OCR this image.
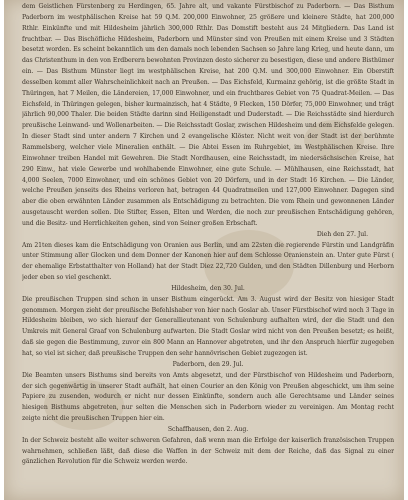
dem Geistlichen Fürstenberg zu Herdingen, 65. Jahre alt, und vakante Fürstbischof zu Paderborn. — Das Bisthum Paderborn im westphälischen Kreise hat 59 Q.M. 200,000 Einwohner, 25 größere und kleinere Städte, hat 200,000 Rthlr. Einkünfte und mit Hildesheim jährlich 300,000 Rthlr. Das Domstift besteht aus 24 Mitgliedern. Das Land ist fruchtbar. — Das Bischöfliche Hildesheim, Paderborn und Münster sind von Preußen mit einem Kreise und 3 Städten besetzt worden. Es scheint bekanntlich um den damals noch lebenden Sachsen so Jahre lang Krieg, und heute dann, um das Christenthum in den von Erdberern bewohnten Provinzen desto sicherer zu besestigen, diese und andere Bisthümer ein. — Das Bisthum Münster liegt im westphälischen Kreise, hat 200 Q.M. und 300,000 Einwohner. Ein Oberstift desselben kommt aller Wahrscheinlichkeit nach an Preußen. — Das Eichsfeld, Kurmainz gehörig, ist die größte Stadt in Thüringen, hat 7 Meilen, die Ländereien, 17,000 Einwohner, und ein fruchtbares Gebiet von 75 Quadrat-Meilen. — Das Eichsfeld, in Thüringen gelegen, bisher kurmainzisch, hat 4 Städte, 9 Flecken, 150 Dörfer, 75,000 Einwohner, und trägt jährlich 90,000 Thaler. Die beiden Städte darinn sind Heiligenstadt und Duderstadt. — Die Reichsstädte sind hierdurch preußische Leinwand- und Wollenarbeiten. — Die Reichsstadt Goslar, zwischen Hildesheim und dem Eichsfelde gelegen. In dieser Stadt sind unter andern 7 Kirchen und 2 evangelische Klöster. Nicht weit von der Stadt ist der berühmte Rammelsberg, welcher viele Mineralien enthält. — Die Abtei Essen im Ruhrgebiet, im Westphälischen Kreise. Ihre Einwohner treiben Handel mit Gewehren. Die Stadt Nordhausen, eine Reichsstadt, im niedersächsischen Kreise, hat 290 Einw., hat viele Gewerbe und wohlhabende Einwohner, eine gute Schule. — Mühlhausen, eine Reichsstadt, hat 4,000 Seelen, 7000 Einwohner, und ein schönes Gebiet von 20 Dörfern, und in der Stadt 16 Kirchen. — Die Länder, welche Preußen jenseits des Rheins verloren hat, betragen 44 Quadratmeilen und 127,000 Einwohner. Dagegen sind aber die oben erwähnten Länder zusammen als Entschädigung zu betrachten. Die vom Rhein und gewonnenen Länder ausgetauscht werden sollen. Die Stifter, Essen, Elten und Werden, die noch zur preußischen Entschädigung gehören, und die Besitz- und Herrlichkeiten gehen, sind von Seiner großen Erbschaft.

Dieh den 27. Jul.

Am 21ten dieses kam die Entschädigung von Oranien aus Berlin, und am 22sten die regierende Fürstin und Landgräfin unter Stimmung aller Glocken und dem Donner der Kanonen hier auf dem Schlosse Oranienstein an. Unter gute Fürst ( der ehemalige Erbstatthalter von Holland) hat der Stadt Diez 22,720 Gulden, und den Städten Dillenburg und Herborn jeder eben so viel geschenkt.

Hildesheim, den 30. Jul.

Die preußischen Truppen sind schon in unser Bisthum eingerückt. Am 3. August wird der Besitz von hiesiger Stadt genommen. Morgen zieht der preußische Befehlshaber von hier nach Goslar ab. Unser Fürstbischof wird noch 3 Tage in Hildesheim bleiben, wo sich hierauf der Generallieutenant von Schulenburg aufhalten wird, der die Stadt und den Umkreis mit General Graaf von Schulenburg aufwarten. Die Stadt Goslar wird nicht von den Preußen besetzt; es heißt, daß sie gegen die Bestimmung, zuvor ein 800 Mann an Hannover abgetreten, und ihr den Anspruch hierfür zugegeben hat, so viel ist sicher, daß preußische Truppen den sehr hannövrischen Gebiet zugezogen ist.

Paderborn, den 29. Jul.

Die Beamten unsers Bisthums sind bereits von Amts abgesetzt, und der Fürstbischof von Hildesheim und Paderborn, der sich gegenwärtig in unserer Stadt aufhält, hat einen Courier an den König von Preußen abgeschickt, um ihm seine Papiere zu zusenden, wodurch er nicht nur dessen Einkünfte, sondern auch alle Gerechtsame und Länder seines hiesigen Bisthums abgetreten, nur selten die Menschen sich in Paderborn wieder zu vereinigen. Am Montag recht zeigte nicht die preußischen Truppen hier ein.

Schaffhausen, den 2. Aug.

In der Schweiz besteht alle weiter schweren Gefahren, daß wenn man die Erfolge der kaiserlich französischen Truppen wahrnehmen, schließen läßt, daß diese die Waffen in der Schweiz mit dem der Reiche, daß das Signal zu einer gänzlichen Revolution für die Schweiz werden werde.
